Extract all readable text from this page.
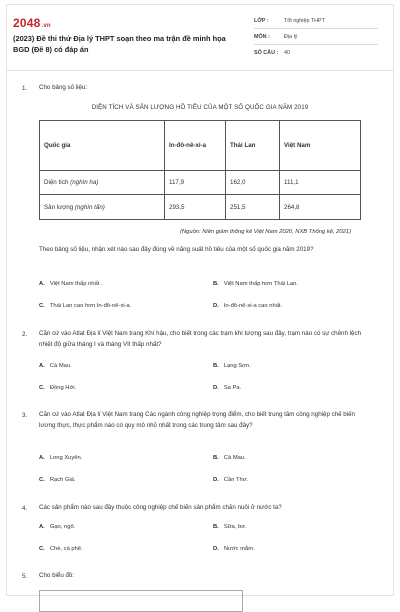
2048.vn
(2023) Đề thi thử Địa lý THPT soạn theo ma trận đề minh họa BGD (Đề 8) có đáp án
LỚP :	Tốt nghiệp THPT
MÔN :	Địa lý
SỐ CÂU : 40
1. Cho bảng số liệu:
DIỆN TÍCH VÀ SẢN LƯỢNG HỒ TIÊU CỦA MỘT SỐ QUỐC GIA NĂM 2019
Quốc gia	In-đô-nê-xi-a	Thái Lan	Việt Nam
Diện tích (nghìn ha)	117,9	162,0	111,1
Sản lượng (nghìn tấn)	293,5	251,5	264,8
(Nguồn: Niên giám thống kê Việt Nam 2020, NXB Thống kê, 2021)
Theo bảng số liệu, nhận xét nào sau đây đúng về năng suất hồ tiêu của một số quốc gia năm 2019?
A. Việt Nam thấp nhất .	B. Việt Nam thấp hơn Thái Lan.
C. Thái Lan cao hơn In-đô-nê-xi-a.	D. In-đô-nê-xi-a cao nhất.
2. Căn cứ vào Atlat Địa lí Việt Nam trang Khí hậu, cho biết trong các trạm khí tượng sau đây, trạm nào có sự chênh lệch nhiệt độ giữa tháng I và tháng VII thấp nhất?
A. Cà Mau.	B. Lạng Sơn.
C. Đồng Hới.	D. Sa Pa.
3. Căn cứ vào Atlat Địa lí Việt Nam trang Các ngành công nghiệp trọng điểm, cho biết trung tâm công nghiệp chế biến lương thực, thực phẩm nào có quy mô nhỏ nhất trong các trung tâm sau đây?
A. Long Xuyên.	B. Cà Mau.
C. Rạch Giá.	D. Cần Thơ.
4. Các sản phẩm nào sau đây thuộc công nghiệp chế biến sản phẩm chăn nuôi ở nước ta?
A. Gạo, ngô.	B. Sữa, bơ.
C. Chè, cà phê.	D. Nước mắm.
5. Cho biểu đồ:
